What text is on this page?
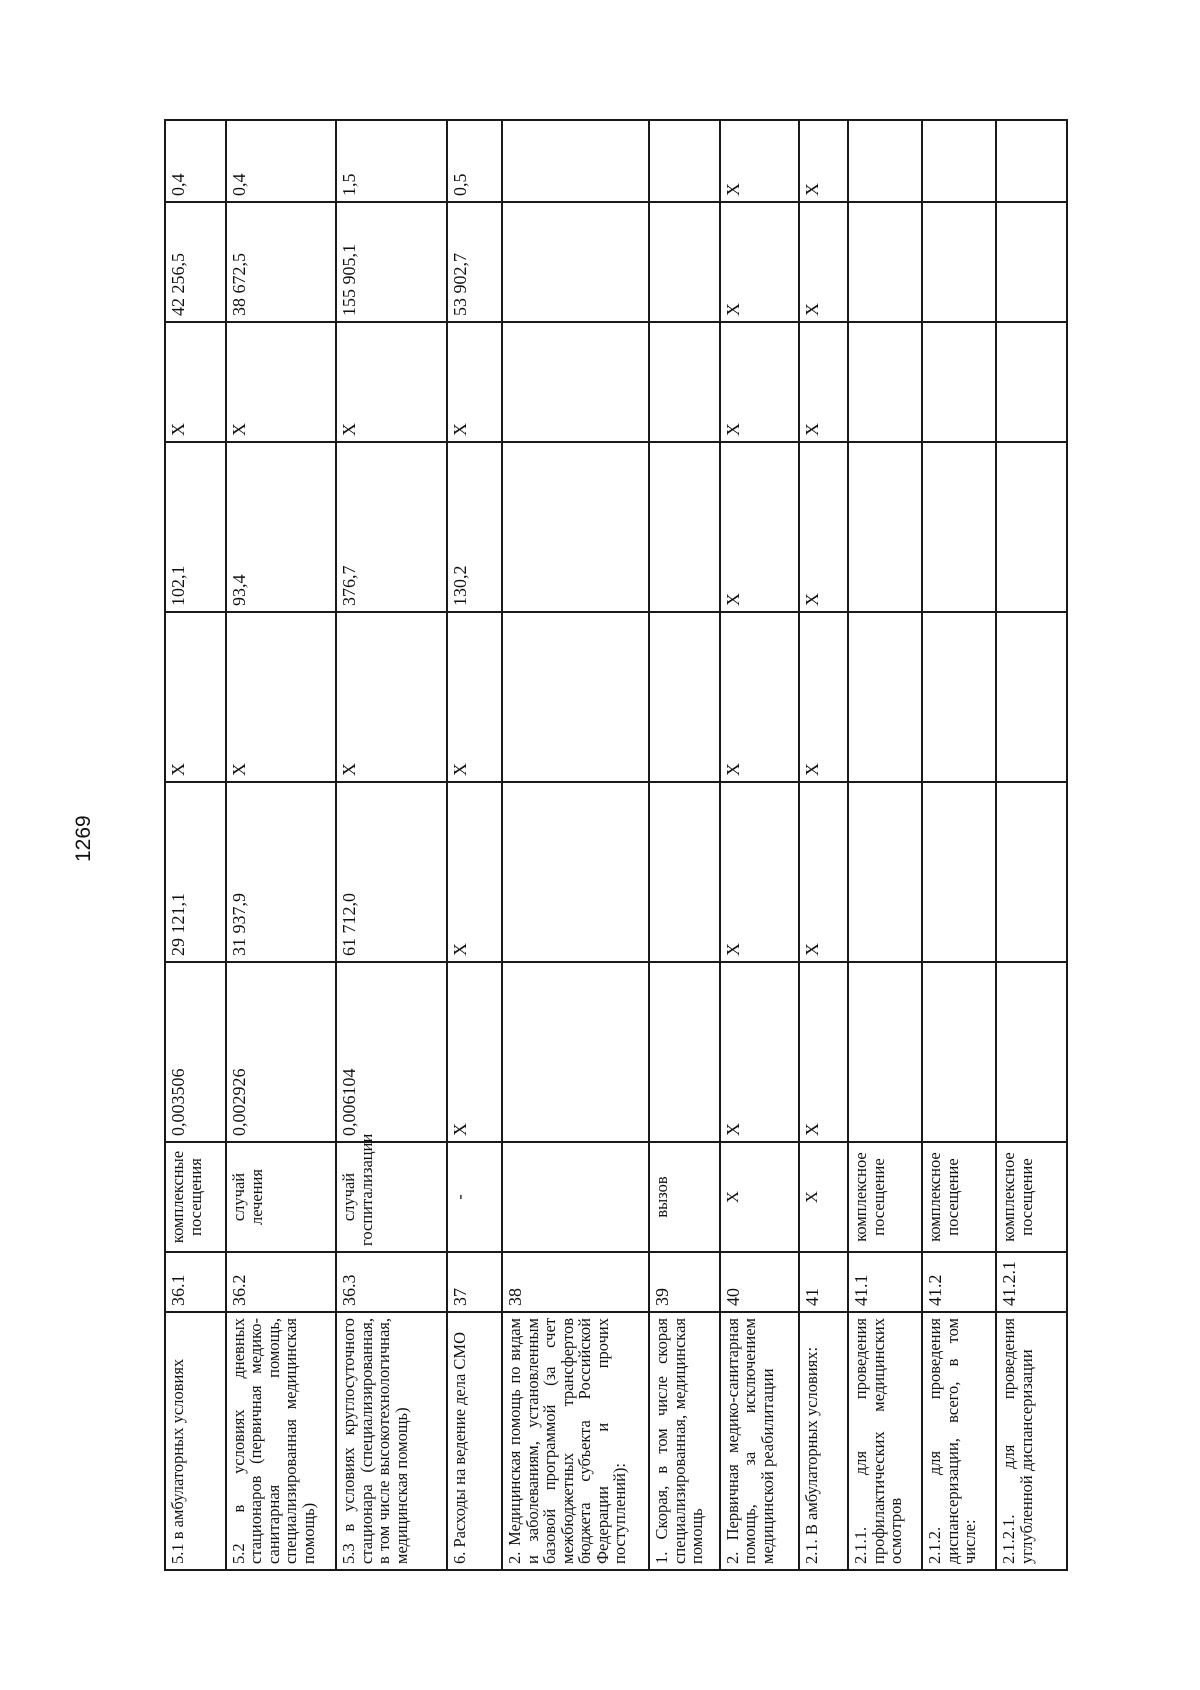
1269
5.1 в амбулаторных условиях	36.1	комплексные посещения	0,003506	29 121,1	Х	102,1	Х	42 256,5	0,4
5.2 в условиях дневных стационаров (первичная медико-санитарная помощь, специализированная медицинская помощь)	36.2	случай лечения	0,002926	31 937,9	Х	93,4	Х	38 672,5	0,4
5.3 в условиях круглосуточного стационара (специализированная, в том числе высокотехнологичная, медицинская помощь)	36.3	случай госпитализации	0,006104	61 712,0	Х	376,7	Х	155 905,1	1,5
6. Расходы на ведение дела СМО	37	-	Х	Х	Х	130,2	Х	53 902,7	0,5
2. Медицинская помощь по видам и заболеваниям, установленным базовой программой (за счет межбюджетных трансфертов бюджета субъекта Российской Федерации и прочих поступлений):	38								
1. Скорая, в том числе скорая специализированная, медицинская помощь	39	вызов							
2. Первичная медико-санитарная помощь, за исключением медицинской реабилитации	40	Х	Х	Х	Х	Х	Х	Х	Х
2.1. В амбулаторных условиях:	41	Х	Х	Х	Х	Х	Х	Х	Х
2.1.1. для проведения профилактических медицинских осмотров	41.1	комплексное посещение							
2.1.2. для проведения диспансеризации, всего, в том числе:	41.2	комплексное посещение							
2.1.2.1. для проведения углубленной диспансеризации	41.2.1	комплексное посещение							
